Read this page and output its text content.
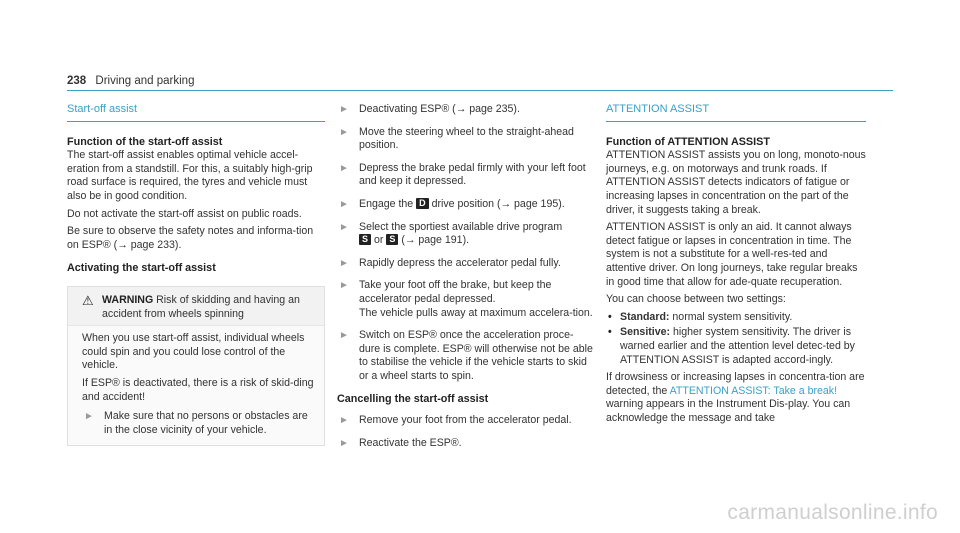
238 Driving and parking
Start-off assist
Function of the start-off assist

The start-off assist enables optimal vehicle accel-eration from a standstill. For this, a suitably high-grip road surface is required, the tyres and vehicle must also be in good condition.

Do not activate the start-off assist on public roads.

Be sure to observe the safety notes and informa-tion on ESP® (→ page 233).

Activating the start-off assist
⚠ WARNING Risk of skidding and having an accident from wheels spinning

When you use start-off assist, individual wheels could spin and you could lose control of the vehicle.

If ESP® is deactivated, there is a risk of skid-ding and accident!

► Make sure that no persons or obstacles are in the close vicinity of your vehicle.
► Deactivating ESP® (→ page 235).
► Move the steering wheel to the straight-ahead position.
► Depress the brake pedal firmly with your left foot and keep it depressed.
► Engage the D drive position (→ page 195).
► Select the sportiest available drive program
S or S (→ page 191).
► Rapidly depress the accelerator pedal fully.
► Take your foot off the brake, but keep the accelerator pedal depressed.
The vehicle pulls away at maximum accelera-tion.
► Switch on ESP® once the acceleration proce-dure is complete. ESP® will otherwise not be able to stabilise the vehicle if the vehicle starts to skid or a wheel starts to spin.
Cancelling the start-off assist
► Remove your foot from the accelerator pedal.
► Reactivate the ESP®.
ATTENTION ASSIST
Function of ATTENTION ASSIST

ATTENTION ASSIST assists you on long, monoto-nous journeys, e.g. on motorways and trunk roads. If ATTENTION ASSIST detects indicators of fatigue or increasing lapses in concentration on the part of the driver, it suggests taking a break.

ATTENTION ASSIST is only an aid. It cannot always detect fatigue or lapses in concentration in time. The system is not a substitute for a well-res-ted and attentive driver. On long journeys, take regular breaks in good time that allow for ade-quate recuperation.

You can choose between two settings:

• Standard: normal system sensitivity.
• Sensitive: higher system sensitivity. The driver is warned earlier and the attention level detec-ted by ATTENTION ASSIST is adapted accord-ingly.

If drowsiness or increasing lapses in concentra-tion are detected, the ATTENTION ASSIST: Take a break! warning appears in the Instrument Dis-play. You can acknowledge the message and take

carmanualsonline.info
